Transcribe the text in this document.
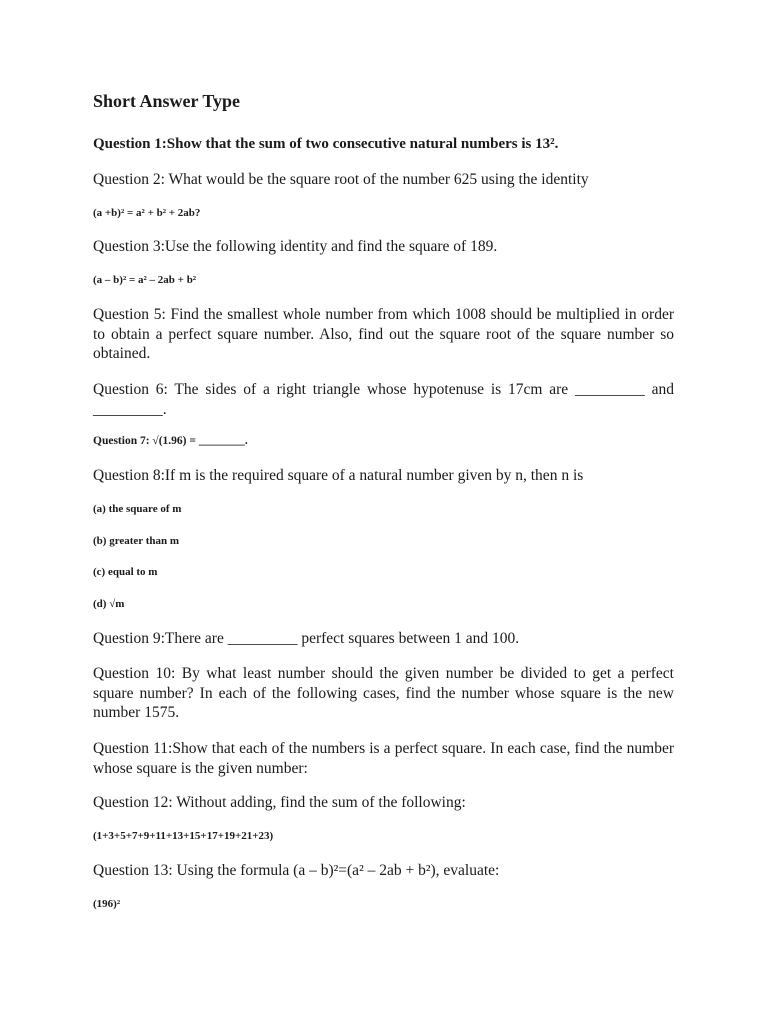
Short Answer Type

Question 1:Show that the sum of two consecutive natural numbers is 13².

Question 2: What would be the square root of the number 625 using the identity

(a +b)² = a² + b² + 2ab?

Question 3:Use the following identity and find the square of 189.

(a – b)² = a² – 2ab + b²

Question 5: Find the smallest whole number from which 1008 should be multiplied in order to obtain a perfect square number. Also, find out the square root of the square number so obtained.

Question 6: The sides of a right triangle whose hypotenuse is 17cm are _________ and _________.

Question 7: √(1.96) = ________.

Question 8:If m is the required square of a natural number given by n, then n is

(a) the square of m

(b) greater than m

(c) equal to m

(d) √m

Question 9:There are _________ perfect squares between 1 and 100.

Question 10: By what least number should the given number be divided to get a perfect square number? In each of the following cases, find the number whose square is the new number 1575.

Question 11:Show that each of the numbers is a perfect square. In each case, find the number whose square is the given number:

Question 12: Without adding, find the sum of the following:

(1+3+5+7+9+11+13+15+17+19+21+23)

Question 13: Using the formula (a – b)²=(a² – 2ab + b²), evaluate:

(196)²
